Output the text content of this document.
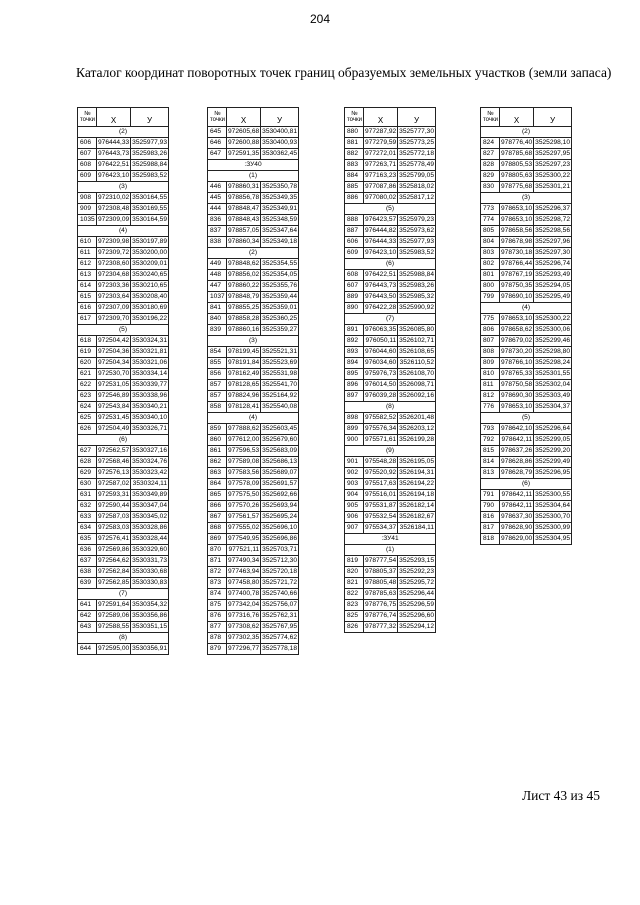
204
Каталог координат поворотных точек границ образуемых земельных участков (земли запаса)
№
точки	X	У
(2)		
606	976444,33	3525977,93
607	976443,73	3525983,26
608	976422,51	3525988,84
609	976423,10	3525983,52
(3)		
908	972310,02	3530164,55
909	972308,48	3530169,55
1035	972309,09	3530164,59
(4)		
610	972309,98	3530197,89
611	972309,72	3530200,00
612	972308,60	3530209,01
613	972304,68	3530240,65
614	972303,36	3530210,65
615	972303,64	3530208,40
616	972307,09	3530180,69
617	972309,70	3530196,22
(5)		
618	972504,42	3530324,31
619	972504,36	3530321,81
620	972504,34	3530321,06
621	972530,70	3530334,14
622	972531,05	3530339,77
623	972546,89	3530338,96
624	972543,84	3530340,21
625	972531,45	3530340,10
626	972504,49	3530326,71
(6)		
627	972562,57	3530327,16
628	972568,46	3530324,76
629	972576,13	3530323,42
630	972587,02	3530324,11
631	972593,31	3530349,89
632	972590,44	3530347,04
633	972587,03	3530345,02
634	972583,03	3530328,86
635	972576,41	3530328,44
636	972569,86	3530329,60
637	972564,62	3530331,73
638	972562,84	3530330,68
639	972562,85	3530330,83
(7)		
641	972591,64	3530354,32
642	972589,06	3530356,86
643	972588,55	3530351,15
(8)		
644	972595,00	3530356,91
№
точки	X	У
645	972605,68	3530400,81
646	972600,88	3530400,93
647	972591,35	3530362,45
:ЗУ40		
(1)		
446	978860,31	3525350,78
445	978856,78	3525349,35
444	978848,47	3525349,91
836	978848,43	3525348,59
837	978857,05	3525347,64
838	978860,34	3525349,18
(2)		
449	978848,62	3525354,55
448	978856,02	3525354,05
447	978860,22	3525355,76
1037	978848,79	3525359,44
841	978855,25	3525359,01
840	978858,28	3525360,25
839	978860,16	3525359,27
(3)		
854	978199,45	3525521,31
855	978191,84	3525523,69
856	978162,49	3525531,98
857	978128,65	3525541,70
857	978824,96	3525164,92
858	978128,41	3525540,08
(4)		
859	977888,62	3525603,45
860	977612,00	3525679,60
861	977596,53	3525683,09
862	977589,08	3525686,13
863	977583,56	3525689,07
864	977578,09	3525691,57
865	977575,50	3525692,66
866	977570,26	3525693,94
867	977561,57	3525695,24
868	977555,02	3525696,10
869	977549,95	3525696,86
870	977521,11	3525703,71
871	977490,34	3525712,30
872	977463,94	3525720,18
873	977458,80	3525721,72
874	977400,78	3525740,66
875	977342,04	3525756,07
876	977316,76	3525762,31
877	977308,62	3525767,95
878	977302,35	3525774,62
879	977296,77	3525778,18
№
точки	X	У
880	977287,92	3525777,30
881	977279,59	3525773,25
882	977272,01	3525772,18
883	977263,71	3525778,49
884	977163,23	3525799,05
885	977087,86	3525818,02
886	977080,02	3525817,12
(5)		
888	976423,57	3525979,23
887	976444,82	3525973,62
606	976444,33	3525977,93
609	976423,10	3525983,52
(6)		
608	976422,51	3525988,84
607	976443,73	3525983,26
889	976443,50	3525985,32
890	976422,28	3525990,92
(7)		
891	976063,35	3526085,80
892	976050,11	3526102,71
893	976044,60	3526108,65
894	976034,60	3526110,52
895	975976,73	3526108,70
896	976014,50	3526098,71
897	976039,28	3526092,16
(8)		
898	975582,52	3526201,48
899	975576,34	3526203,12
900	975571,61	3526199,28
(9)		
901	975548,28	3526195,05
902	975520,92	3526194,31
903	975517,63	3526194,22
904	975516,01	3526194,18
905	975531,87	3526182,14
906	975532,54	3526182,67
907	975534,37	3526184,11
:ЗУ41		
(1)		
819	978777,54	3525293,15
820	978805,37	3525292,23
821	978805,48	3525295,72
822	978785,63	3525296,44
823	978776,75	3525296,59
825	978776,74	3525296,60
826	978777,32	3525294,12
№
точки	X	У
(2)		
824	978776,40	3525298,10
827	978785,68	3525297,95
828	978805,53	3525297,23
829	978805,63	3525300,22
830	978775,68	3525301,21
(3)		
773	978653,10	3525296,37
774	978653,10	3525298,72
805	978658,56	3525298,56
804	978678,98	3525297,96
803	978730,18	3525297,30
802	978766,44	3525296,74
801	978767,19	3525293,49
800	978750,35	3525294,05
799	978690,10	3525295,49
(4)		
775	978653,10	3525300,22
806	978658,62	3525300,06
807	978679,02	3525299,46
808	978730,20	3525298,80
809	978766,10	3525298,24
810	978765,33	3525301,55
811	978750,58	3525302,04
812	978690,30	3525303,49
776	978653,10	3525304,37
(5)		
793	978642,10	3525296,64
792	978642,11	3525299,05
815	978637,26	3525299,20
814	978628,86	3525299,49
813	978628,79	3525296,95
(6)		
791	978642,11	3525300,55
790	978642,11	3525304,64
816	978637,30	3525300,70
817	978628,90	3525300,99
818	978629,00	3525304,95
Лист 43 из 45
